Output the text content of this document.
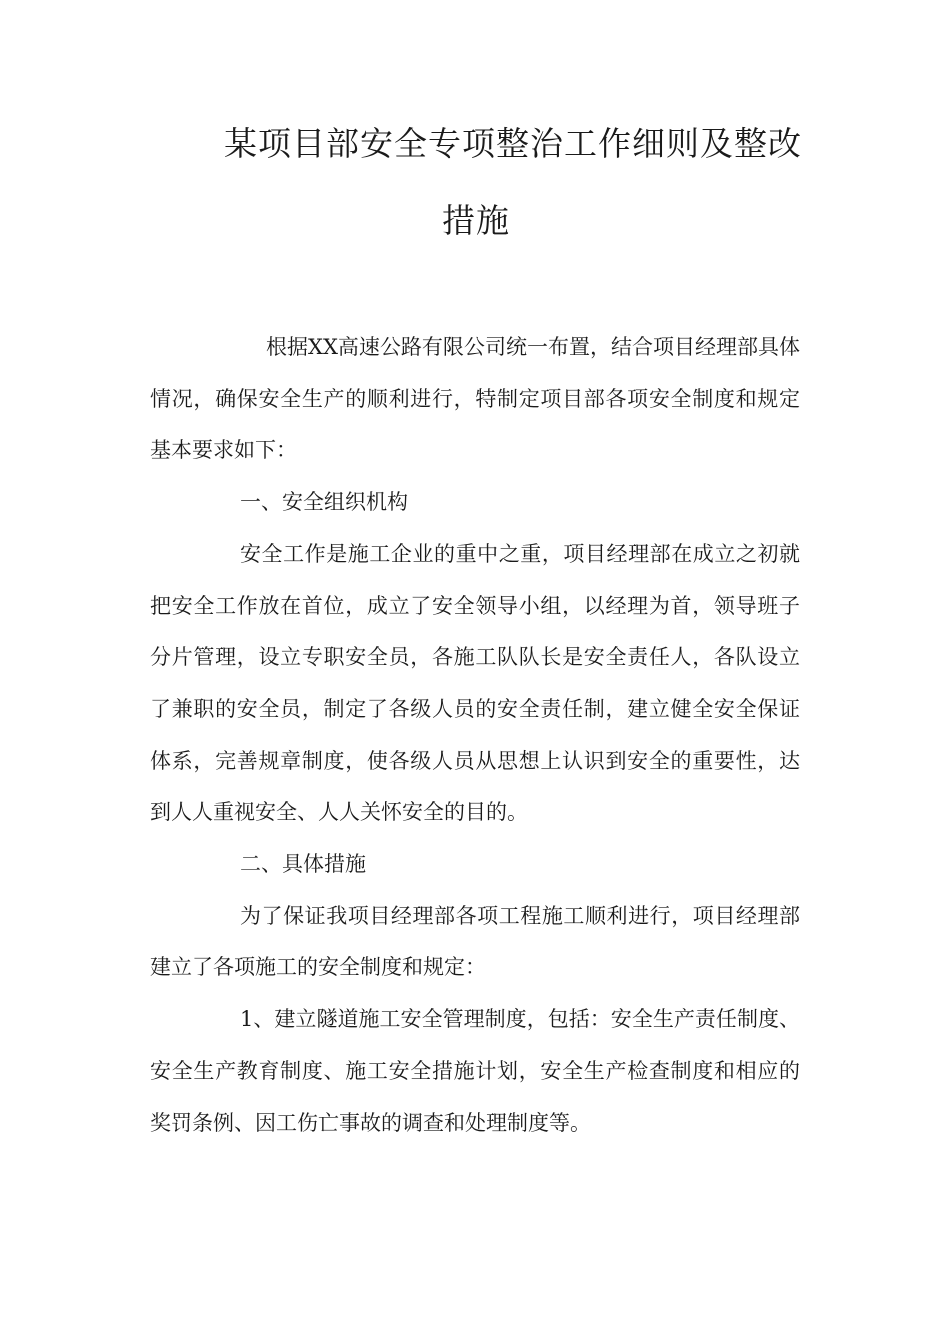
某项目部安全专项整治工作细则及整改
措施

根据XX高速公路有限公司统一布置，结合项目经理部具体情况，确保安全生产的顺利进行，特制定项目部各项安全制度和规定基本要求如下：

一、安全组织机构

安全工作是施工企业的重中之重，项目经理部在成立之初就把安全工作放在首位，成立了安全领导小组，以经理为首，领导班子分片管理，设立专职安全员，各施工队队长是安全责任人，各队设立了兼职的安全员，制定了各级人员的安全责任制，建立健全安全保证体系，完善规章制度，使各级人员从思想上认识到安全的重要性，达到人人重视安全、人人关怀安全的目的。

二、具体措施

为了保证我项目经理部各项工程施工顺利进行，项目经理部建立了各项施工的安全制度和规定：

1、建立隧道施工安全管理制度，包括：安全生产责任制度、安全生产教育制度、施工安全措施计划，安全生产检查制度和相应的奖罚条例、因工伤亡事故的调查和处理制度等。
